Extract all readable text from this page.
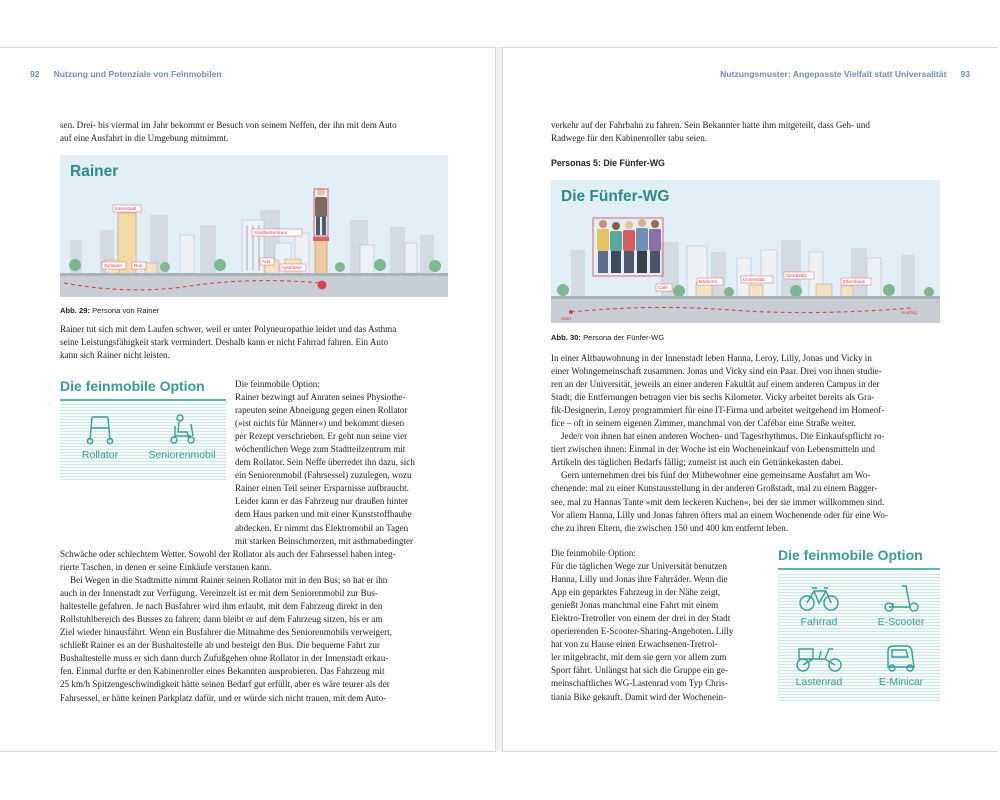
92 Nutzung und Potenziale von Feinmobilen

sen. Drei- bis viermal im Jahr bekommt er Besuch von seinem Neffen, der ihn mit dem Auto

auf eine Ausfahrt in die Umgebung mitnimmt.

Innenstadt
Stadtteilzentrum
Zuhause	Bus
Arzt
Apotheke
Rainer
Abb. 29: Persona von Rainer

Rainer tut sich mit dem Laufen schwer, weil er unter Polyneuropathie leidet und das Asthma

seine Leistungsfähigkeit stark vermindert. Deshalb kann er nicht Fahrrad fahren. Ein Auto

kann sich Rainer nicht leisten.

Die feinmobile Option
Rollator	Seniorenmobil

Die feinmobile Option:

Rainer bezwingt auf Anraten seines Physiothe-

rapeuten seine Abneigung gegen einen Rollator

(»ist nichts für Männer«) und bekommt diesen

per Rezept verschrieben. Er geht nun seine vier

wöchentlichen Wege zum Stadtteilzentrum mit

dem Rollator. Sein Neffe überredet ihn dazu, sich

ein Seniorenmobil (Fahrsessel) zuzulegen, wozu

Rainer einen Teil seiner Ersparnisse aufbraucht.

Leider kann er das Fahrzeug nur draußen hinter

dem Haus parken und mit einer Kunststoffhaube

abdecken. Er nimmt das Elektromobil an Tagen

mit starken Beinschmerzen, mit asthmabedingter

Schwäche oder schlechtem Wetter. Sowohl der Rollator als auch der Fahrsessel haben integ-

rierte Taschen, in denen er seine Einkäufe verstauen kann.

Bei Wegen in die Stadtmitte nimmt Rainer seinen Rollator mit in den Bus; so hat er ihn

auch in der Innenstadt zur Verfügung. Vereinzelt ist er mit dem Seniorenmobil zur Bus-

haltestelle gefahren. Je nach Busfahrer wird ihm erlaubt, mit dem Fahrzeug direkt in den

Rollstuhlbereich des Busses zu fahren; dann bleibt er auf dem Fahrzeug sitzen, bis er am

Ziel wieder hinausfährt. Wenn ein Busfahrer die Mitnahme des Seniorenmobils verweigert,

schließt Rainer es an der Bushaltestelle ab und besteigt den Bus. Die bequeme Fahrt zur

Bushaltestelle muss er sich dann durch Zufußgehen ohne Rollator in der Innenstadt erkau-

fen. Einmal durfte er den Kabinenroller eines Bekannten ausprobieren. Das Fahrzeug mit

25 km/h Spitzengeschwindigkeit hätte seinen Bedarf gut erfüllt, aber es wäre teurer als der

Fahrsessel, er hätte keinen Parkplatz dafür, und er würde sich nicht trauen, mit dem Auto-

Nutzungsmuster: Angepasste Vielfalt statt Universalität 93

verkehr auf der Fahrbahn zu fahren. Sein Bekannter hatte ihm mitgeteilt, dass Geh- und

Radwege für den Kabinenroller tabu seien.

Personas 5: Die Fünfer-WG
Universität
Bäckerei
Sportplatz
Elternhaus
Café
Start
Ausflug
Die Fünfer-WG
Abb. 30: Persona der Fünfer-WG

In einer Altbauwohnung in der Innenstadt leben Hanna, Leroy, Lilly, Jonas und Vicky in

einer Wohngemeinschaft zusammen. Jonas und Vicky sind ein Paar. Drei von ihnen studie-

ren an der Universität, jeweils an einer anderen Fakultät auf einem anderen Campus in der

Stadt; die Entfernungen betragen vier bis sechs Kilometer. Vicky arbeitet bereits als Gra-

fik-Designerin, Leroy programmiert für eine IT-Firma und arbeitet weitgehend im Homeof-

fice – oft in seinem eigenen Zimmer, manchmal von der Cafébar eine Straße weiter.

Jede/r von ihnen hat einen anderen Wochen- und Tagesrhythmus. Die Einkaufspflicht ro-

tiert zwischen ihnen: Einmal in der Woche ist ein Wocheneinkauf von Lebensmitteln und

Artikeln des täglichen Bedarfs fällig; zumeist ist auch ein Getränkekasten dabei.

Gern unternehmen drei bis fünf der Mitbewohner eine gemeinsame Ausfahrt am Wo-

chenende: mal zu einer Kunstausstellung in der anderen Großstadt, mal zu einem Bagger-

see, mal zu Hannas Tante »mit dem leckeren Kuchen«, bei der sie immer willkommen sind.

Vor allem Hanna, Lilly und Jonas fahren öfters mal an einem Wochenende oder für eine Wo-

che zu ihren Eltern, die zwischen 150 und 400 km entfernt leben.

Die feinmobile Option:

Für die täglichen Wege zur Universität benutzen

Hanna, Lilly und Jonas ihre Fahrräder. Wenn die

App ein geparktes Fahrzeug in der Nähe zeigt,

genießt Jonas manchmal eine Fahrt mit einem

Elektro-Tretroller von einem der drei in der Stadt

operierenden E-Scooter-Sharing-Angeboten. Lilly

hat von zu Hause einen Erwachsenen-Tretrol-

ler mitgebracht, mit dem sie gern vor allem zum

Sport fährt. Unlängst hat sich die Gruppe ein ge-

meinschaftliches WG-Lastenrad vom Typ Chris-

tiania Bike gekauft. Damit wird der Wochenein-

Die feinmobile Option
Fahrrad	E-Scooter
Lastenrad	E-Minicar
